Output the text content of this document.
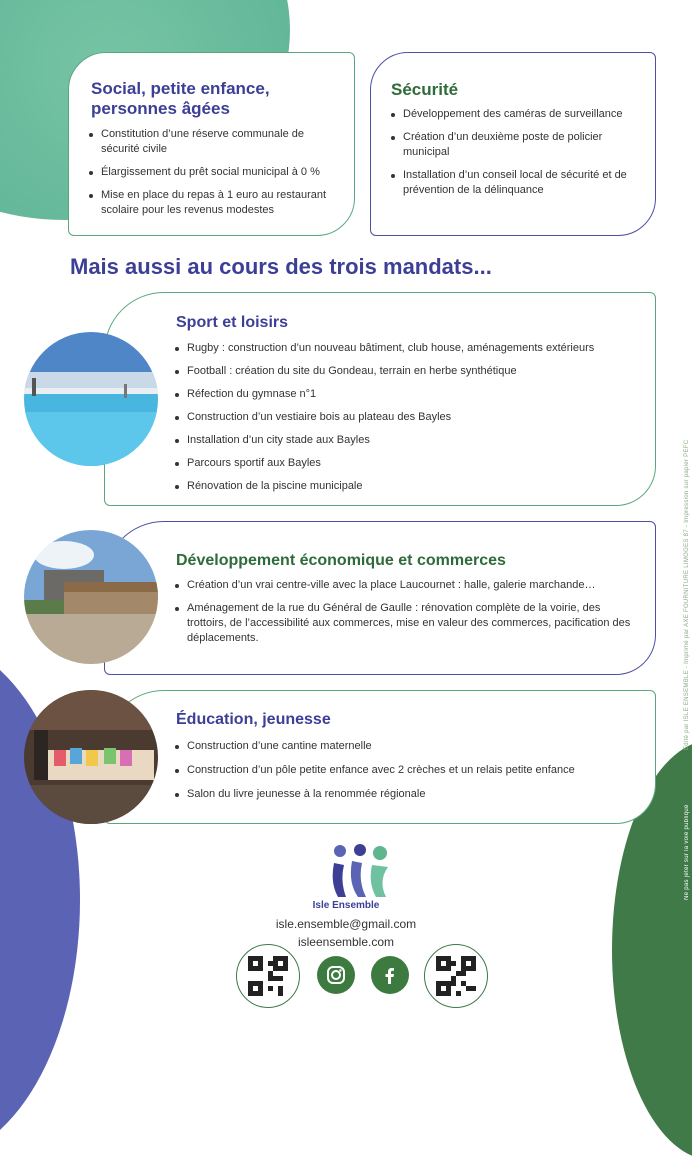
Social, petite enfance,
personnes âgées
Constitution d’une réserve communale de sécurité civile
Élargissement du prêt social municipal à 0 %
Mise en place du repas à 1 euro au restaurant scolaire pour les revenus modestes
Sécurité
Développement des caméras de surveillance
Création d’un deuxième poste de policier municipal
Installation d’un conseil local de sécurité et de prévention de la délinquance
Mais aussi au cours des trois mandats...
Sport et loisirs
Rugby : construction d’un nouveau bâtiment, club house, aménagements extérieurs
Football : création du site du Gondeau, terrain en herbe synthétique
Réfection du gymnase n°1
Construction d’un vestiaire bois au plateau des Bayles
Installation d’un city stade aux Bayles
Parcours sportif aux Bayles
Rénovation de la piscine municipale
Développement économique et commerces
Création d’un vrai centre-ville avec la place Laucournet : halle, galerie marchande…
Aménagement de la rue du Général de Gaulle : rénovation complète de la voirie, des trottoirs, de l’accessibilité aux commerces, mise en valeur des commerces, pacification des déplacements.
Éducation, jeunesse
Construction d’une cantine maternelle
Construction d’un pôle petite enfance avec 2 crèches et un relais petite enfance
Salon du livre jeunesse à la renommée régionale
Isle Ensemble
isle.ensemble@gmail.com
isleensemble.com
Édité par ISLE ENSEMBLE - Imprimé par AXE FOURNITURE LIMOGES 87 - Impression sur papier PEFC
Ne pas jeter sur la voie publique
